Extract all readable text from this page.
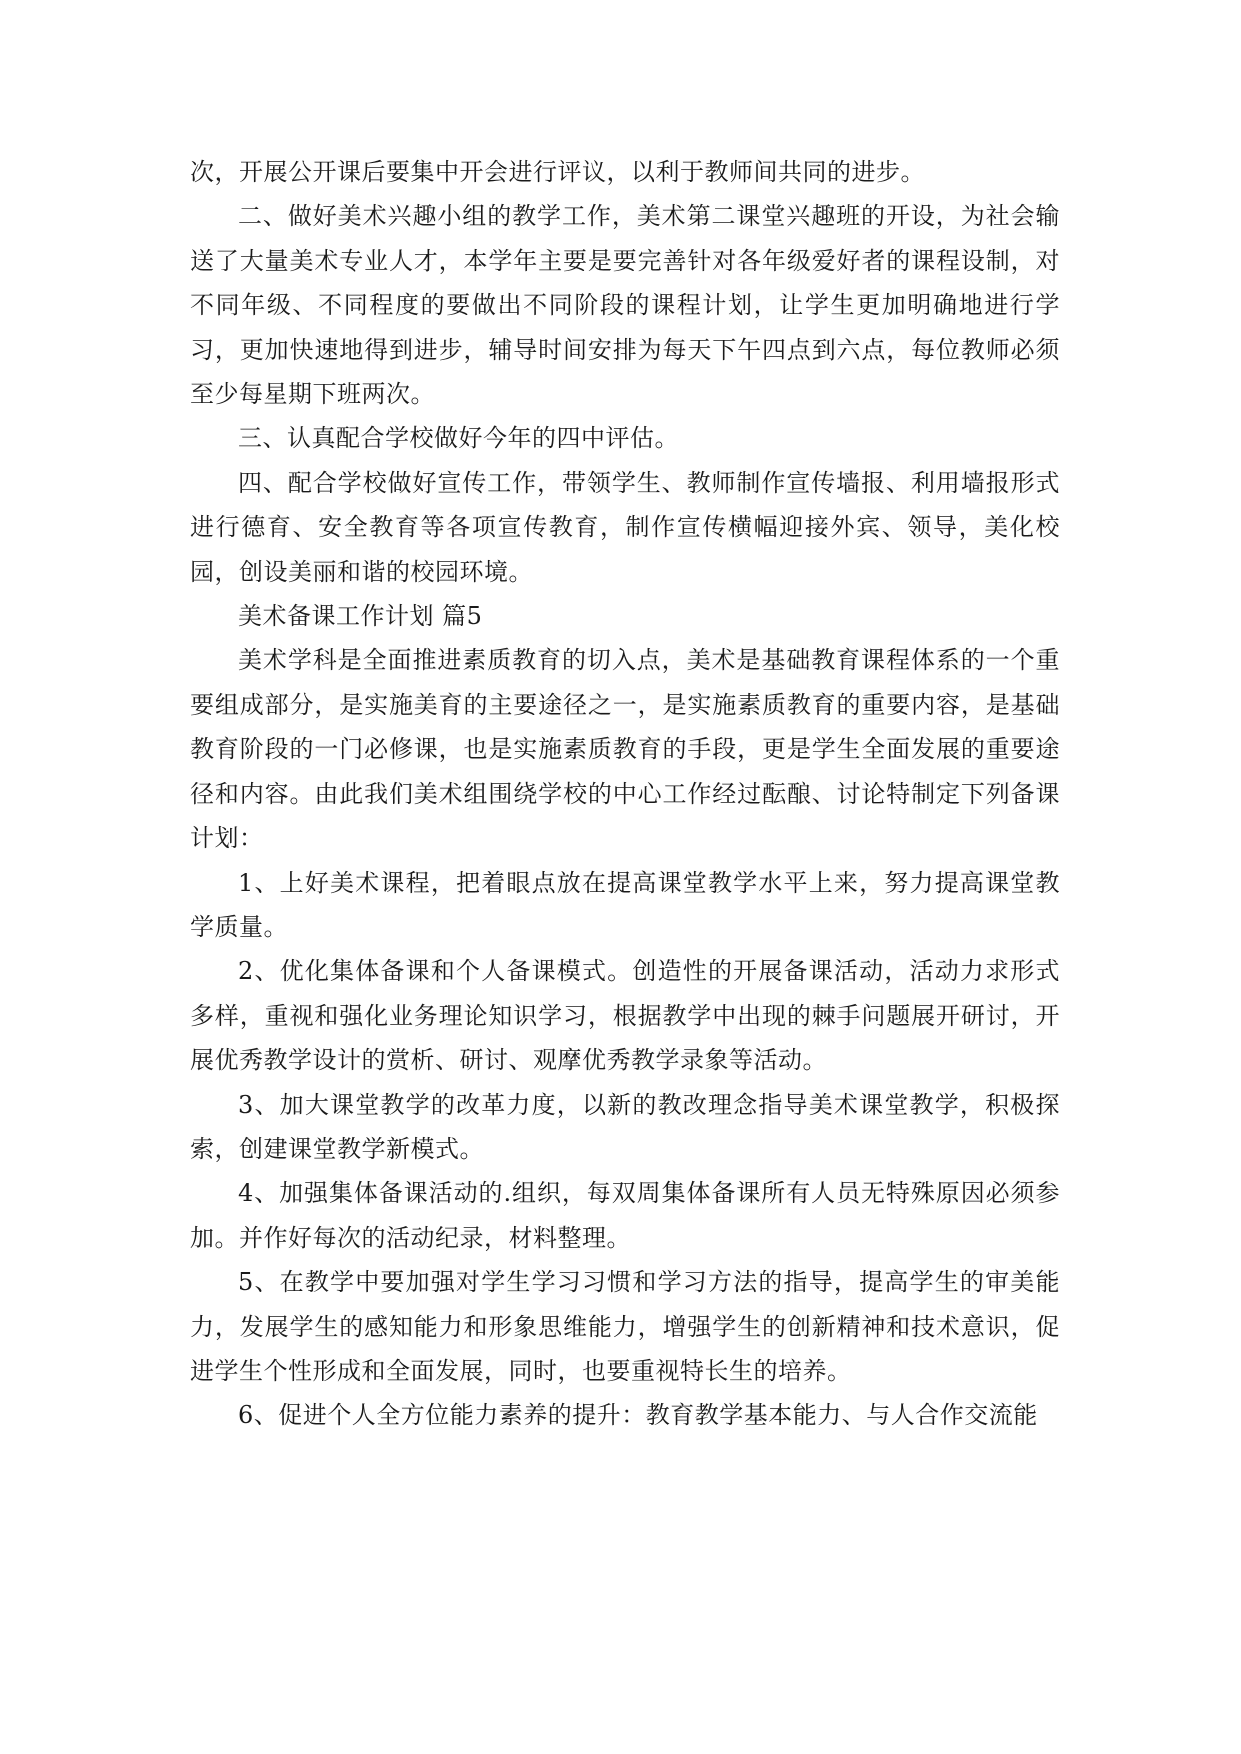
次，开展公开课后要集中开会进行评议，以利于教师间共同的进步。

二、做好美术兴趣小组的教学工作，美术第二课堂兴趣班的开设，为社会输送了大量美术专业人才，本学年主要是要完善针对各年级爱好者的课程设制，对不同年级、不同程度的要做出不同阶段的课程计划，让学生更加明确地进行学习，更加快速地得到进步，辅导时间安排为每天下午四点到六点，每位教师必须至少每星期下班两次。

三、认真配合学校做好今年的四中评估。

四、配合学校做好宣传工作，带领学生、教师制作宣传墙报、利用墙报形式进行德育、安全教育等各项宣传教育，制作宣传横幅迎接外宾、领导，美化校园，创设美丽和谐的校园环境。

美术备课工作计划 篇5

美术学科是全面推进素质教育的切入点，美术是基础教育课程体系的一个重要组成部分，是实施美育的主要途径之一，是实施素质教育的重要内容，是基础教育阶段的一门必修课，也是实施素质教育的手段，更是学生全面发展的重要途径和内容。由此我们美术组围绕学校的中心工作经过酝酿、讨论特制定下列备课计划：

1、上好美术课程，把着眼点放在提高课堂教学水平上来，努力提高课堂教学质量。

2、优化集体备课和个人备课模式。创造性的开展备课活动，活动力求形式多样，重视和强化业务理论知识学习，根据教学中出现的棘手问题展开研讨，开展优秀教学设计的赏析、研讨、观摩优秀教学录象等活动。

3、加大课堂教学的改革力度，以新的教改理念指导美术课堂教学，积极探索，创建课堂教学新模式。

4、加强集体备课活动的.组织，每双周集体备课所有人员无特殊原因必须参加。并作好每次的活动纪录，材料整理。

5、在教学中要加强对学生学习习惯和学习方法的指导，提高学生的审美能力，发展学生的感知能力和形象思维能力，增强学生的创新精神和技术意识，促进学生个性形成和全面发展，同时，也要重视特长生的培养。

6、促进个人全方位能力素养的提升：教育教学基本能力、与人合作交流能
